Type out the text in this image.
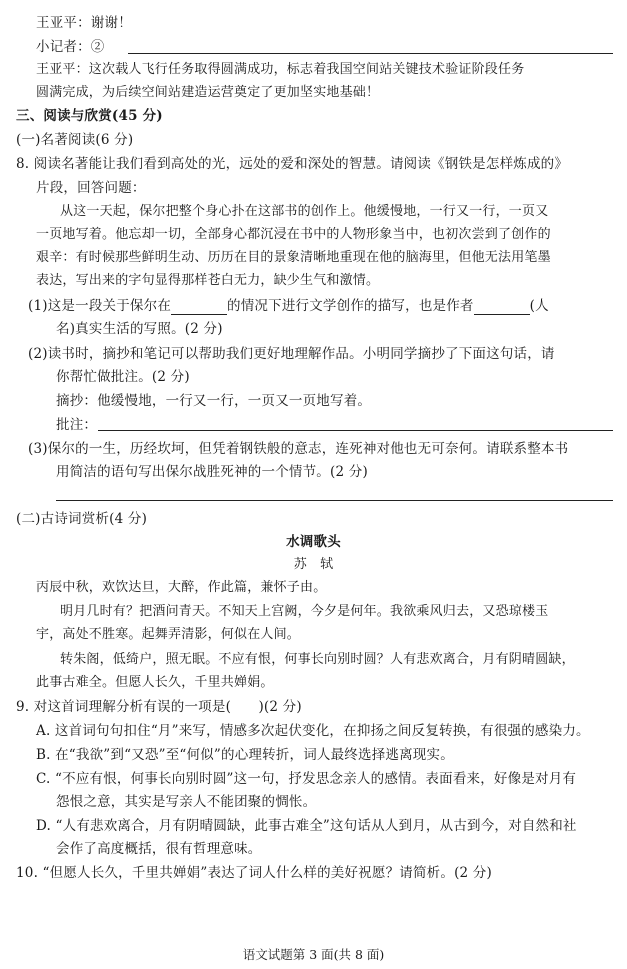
王亚平：谢谢！
小记者：②
王亚平：这次载人飞行任务取得圆满成功，标志着我国空间站关键技术验证阶段任务
圆满完成，为后续空间站建造运营奠定了更加坚实地基础！
三、阅读与欣赏(45 分)
(一)名著阅读(6 分)
8. 阅读名著能让我们看到高处的光，远处的爱和深处的智慧。请阅读《钢铁是怎样炼成的》
片段，回答问题：
从这一天起，保尔把整个身心扑在这部书的创作上。他缓慢地，一行又一行，一页又
一页地写着。他忘却一切，全部身心都沉浸在书中的人物形象当中，也初次尝到了创作的
艰辛：有时候那些鲜明生动、历历在目的景象清晰地重现在他的脑海里，但他无法用笔墨
表达，写出来的字句显得那样苍白无力，缺少生气和激情。
(1)这是一段关于保尔在	的情况下进行文学创作的描写，也是作者	(人
名)真实生活的写照。(2 分)
(2)读书时，摘抄和笔记可以帮助我们更好地理解作品。小明同学摘抄了下面这句话，请
你帮忙做批注。(2 分)
摘抄：他缓慢地，一行又一行，一页又一页地写着。
批注：
(3)保尔的一生，历经坎坷，但凭着钢铁般的意志，连死神对他也无可奈何。请联系整本书
用简洁的语句写出保尔战胜死神的一个情节。(2 分)
(二)古诗词赏析(4 分)
水调歌头
苏　轼
丙辰中秋，欢饮达旦，大醉，作此篇，兼怀子由。
明月几时有？把酒问青天。不知天上宫阙，今夕是何年。我欲乘风归去，又恐琼楼玉
宇，高处不胜寒。起舞弄清影，何似在人间。
转朱阁，低绮户，照无眠。不应有恨，何事长向别时圆？人有悲欢离合，月有阴晴圆缺，
此事古难全。但愿人长久，千里共婵娟。
9. 对这首词理解分析有误的一项是(　　)(2 分)
A. 这首词句句扣住“月”来写，情感多次起伏变化，在抑扬之间反复转换，有很强的感染力。
B. 在“我欲”到“又恐”至“何似”的心理转折，词人最终选择逃离现实。
C. “不应有恨，何事长向别时圆”这一句，抒发思念亲人的感情。表面看来，好像是对月有
怨恨之意，其实是写亲人不能团聚的惆怅。
D. “人有悲欢离合，月有阴晴圆缺，此事古难全”这句话从人到月，从古到今，对自然和社
会作了高度概括，很有哲理意味。
10. “但愿人长久，千里共婵娟”表达了词人什么样的美好祝愿？请简析。(2 分)
语文试题第 3 面(共 8 面)
